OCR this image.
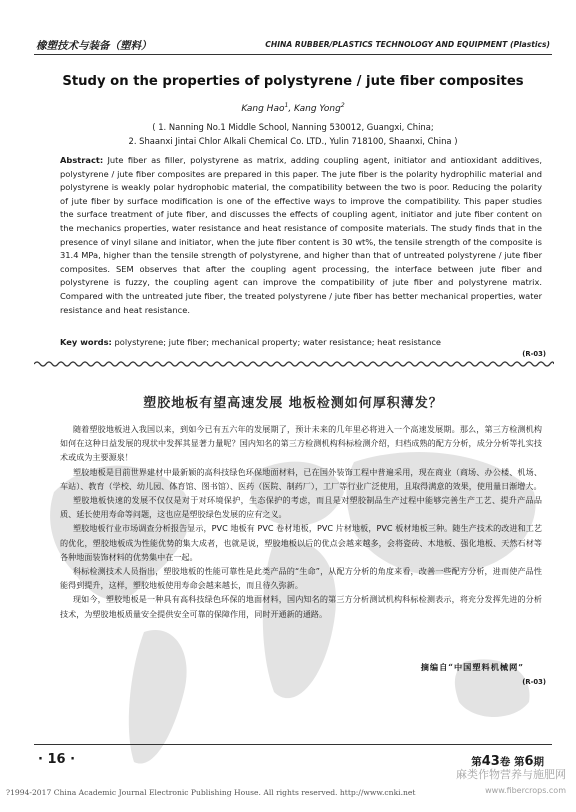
橡塑技术与装备（塑料）	CHINA RUBBER/PLASTICS TECHNOLOGY AND EQUIPMENT (Plastics)
Study on the properties of polystyrene / jute fiber composites
Kang Hao$^1$, Kang Yong$^2$
( 1. Nanning No.1 Middle School, Nanning 530012, Guangxi, China;
2. Shaanxi Jintai Chlor Alkali Chemical Co. LTD., Yulin 718100, Shaanxi, China )
Abstract: Jute fiber as filler, polystyrene as matrix, adding coupling agent, initiator and antioxidant additives, polystyrene / jute fiber composites are prepared in this paper. The jute fiber is the polarity hydrophilic material and polystyrene is weakly polar hydrophobic material, the compatibility between the two is poor. Reducing the polarity of jute fiber by surface modification is one of the effective ways to improve the compatibility. This paper studies the surface treatment of jute fiber, and discusses the effects of coupling agent, initiator and jute fiber content on the mechanics properties, water resistance and heat resistance of composite materials. The study finds that in the presence of vinyl silane and initiator, when the jute fiber content is 30 wt%, the tensile strength of the composite is 31.4 MPa, higher than the tensile strength of polystyrene, and higher than that of untreated polystyrene / jute fiber composites. SEM observes that after the coupling agent processing, the interface between jute fiber and polystyrene is fuzzy, the coupling agent can improve the compatibility of jute fiber and polystyrene matrix. Compared with the untreated jute fiber, the treated polystyrene / jute fiber has better mechanical properties, water resistance and heat resistance.
Key words: polystyrene; jute fiber; mechanical property; water resistance; heat resistance
(R-03)
塑胶地板有望高速发展 地板检测如何厚积薄发？

随着塑胶地板进入我国以来，到如今已有五六年的发展期了，预计未来的几年里必将进入一个高速发展期。那么，第三方检测机构如何在这种日益发展的现状中发挥其显著力量呢？国内知名的第三方检测机构科标检测介绍，归档成熟的配方分析，成分分析等扎实技术或成为主要源泉！

塑胶地板是目前世界建材中最新颖的高科技绿色环保地面材料，已在国外装饰工程中普遍采用，现在商业（商场、办公楼、机场、车站）、教育（学校、幼儿园、体育馆、图书馆）、医药（医院、制药厂），工厂等行业广泛使用，且取得满意的效果，使用量日渐增大。

塑胶地板快速的发展不仅仅是对于对环境保护，生态保护的考虑，而且是对塑胶制品生产过程中能够完善生产工艺、提升产品品质、延长使用寿命等问题，这也应是塑胶绿色发展的应有之义。

塑胶地板行业市场调查分析报告显示，PVC 地板有 PVC 卷材地板，PVC 片材地板，PVC 板材地板三种。随生产技术的改进和工艺的优化，塑胶地板成为性能优势的集大成者，也就是说，塑胶地板以后的优点会越来越多，会将瓷砖、木地板、强化地板、天然石材等各种地面装饰材料的优势集中在一起。

科标检测技术人员指出，塑胶地板的性能可靠性是此类产品的“生命”，从配方分析的角度来看，改善一些配方分析，进而使产品性能得到提升，这样，塑胶地板使用寿命会越来越长，而且待久弥新。

现如今，塑胶地板是一种具有高科技绿色环保的地面材料，国内知名的第三方分析测试机构科标检测表示，将充分发挥先进的分析技术，为塑胶地板质量安全提供安全可靠的保障作用，同时开通新的通路。

摘编自“中国塑料机械网”
(R-03)
· 16 ·	第43卷 第6期
?1994-2017 China Academic Journal Electronic Publishing House. All rights reserved. http://www.cnki.net
麻类作物营养与施肥网
www.fibercrops.com
